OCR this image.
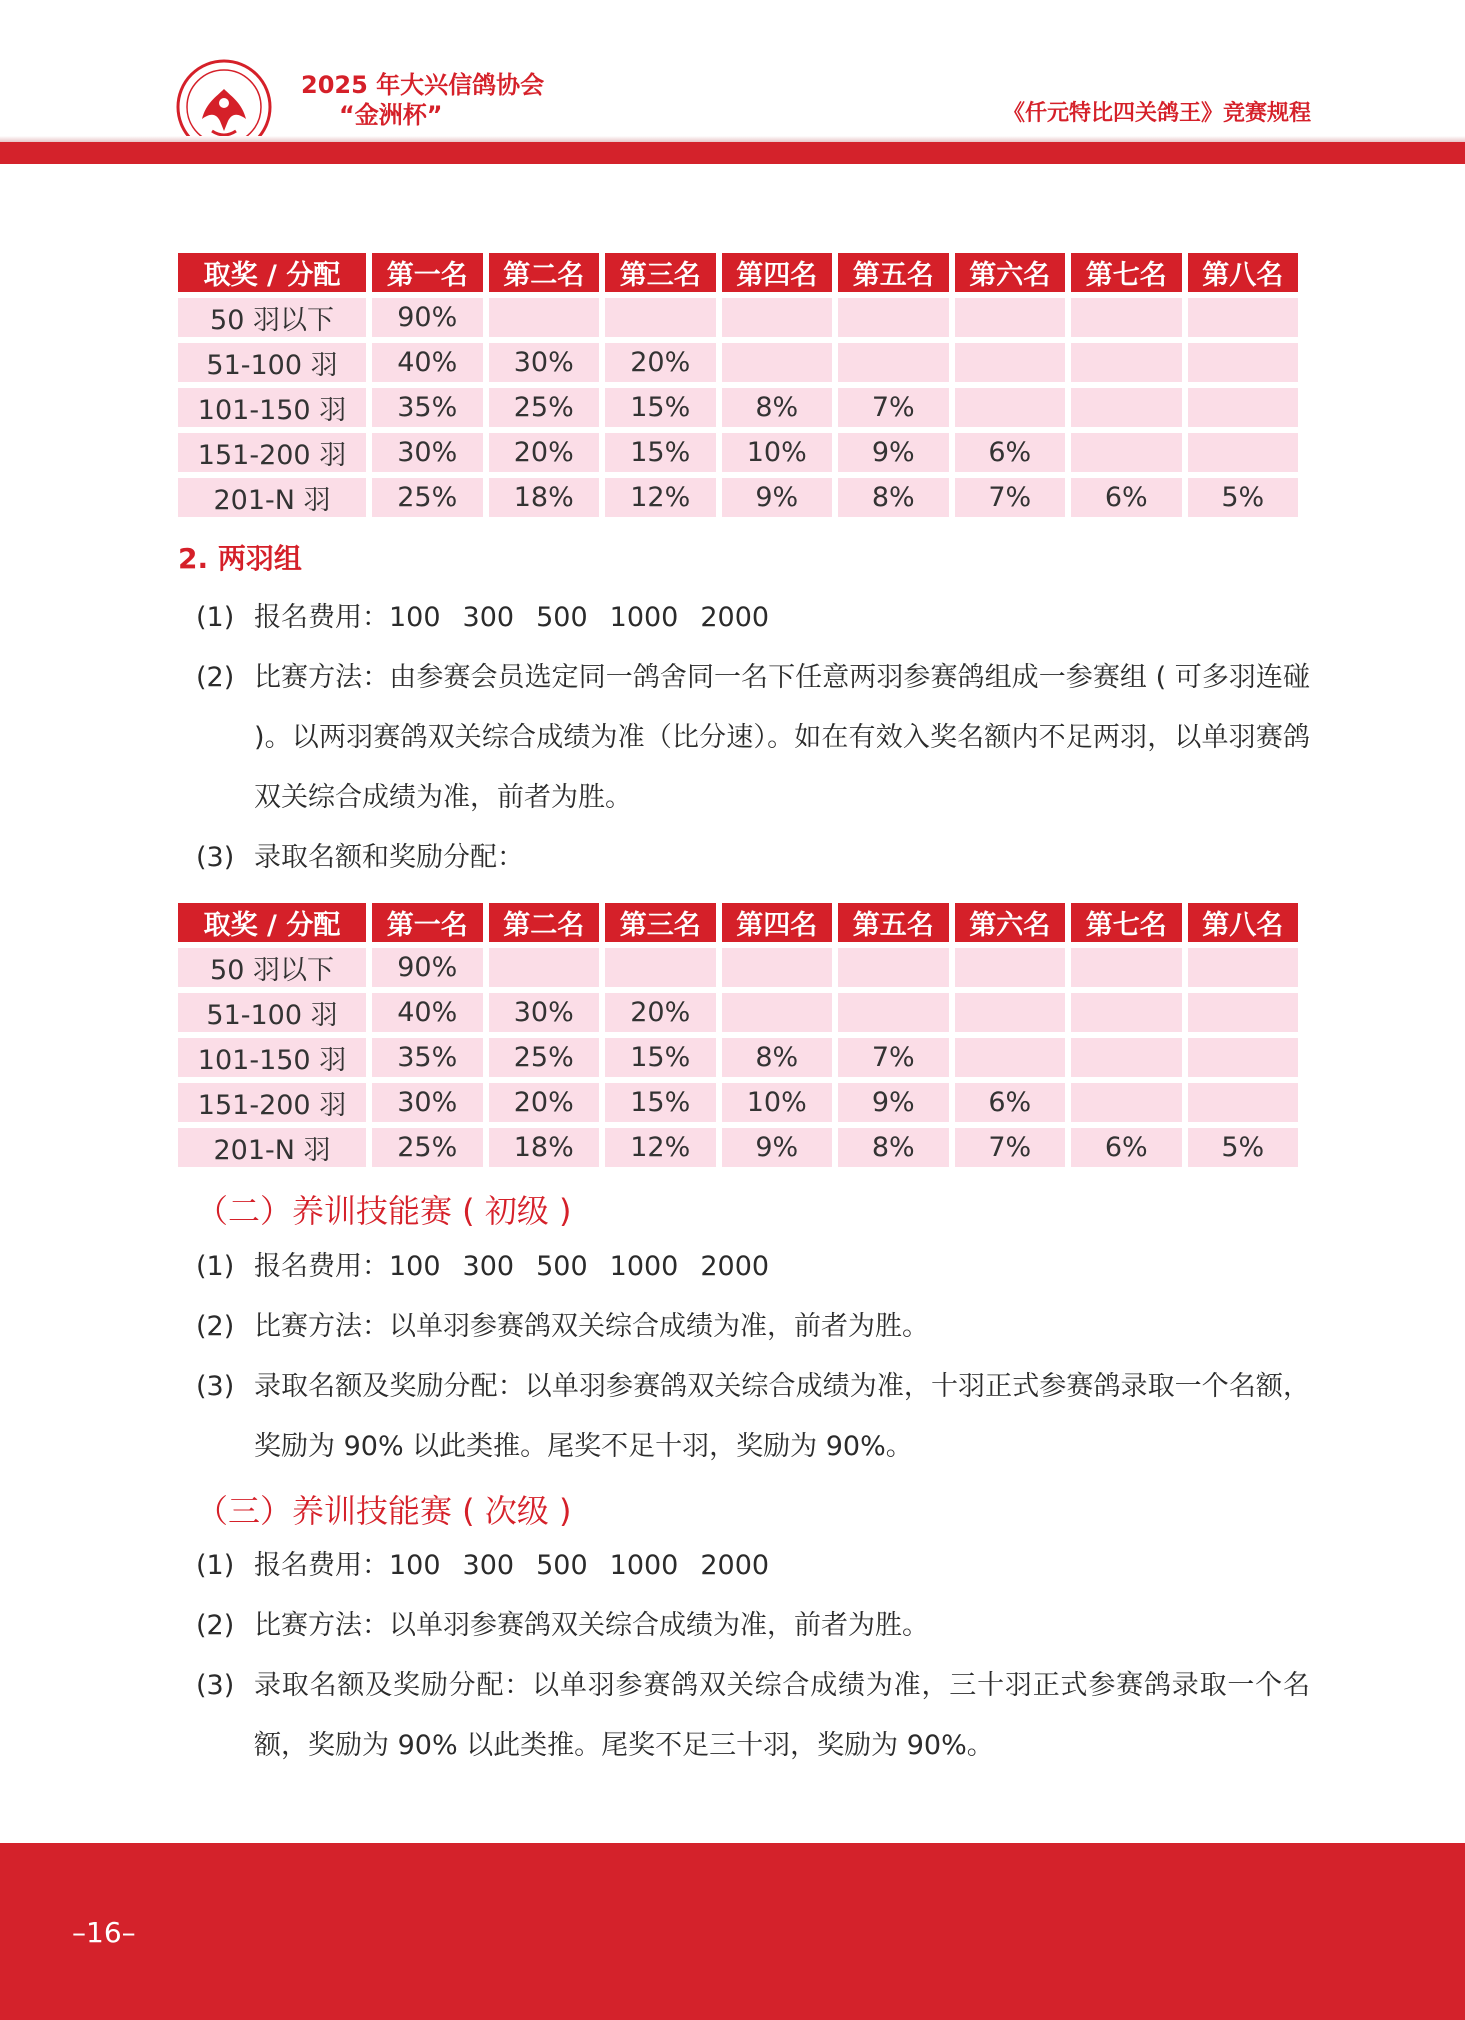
2025 年大兴信鸽协会
“金洲杯”	《仟元特比四关鸽王》竞赛规程
取奖 / 分配	第一名	第二名	第三名	第四名	第五名	第六名	第七名	第八名
50 羽以下	90%							
51-100 羽	40%	30%	20%					
101-150 羽	35%	25%	15%	8%	7%			
151-200 羽	30%	20%	15%	10%	9%	6%		
201-N 羽	25%	18%	12%	9%	8%	7%	6%	5%
2. 两羽组
(1) 报名费用：100 300 500 1000 2000
(2) 比赛方法：由参赛会员选定同一鸽舍同一名下任意两羽参赛鸽组成一参赛组 ( 可多羽连碰 )。以两羽赛鸽双关综合成绩为准（比分速）。如在有效入奖名额内不足两羽，以单羽赛鸽双关综合成绩为准，前者为胜。
(3) 录取名额和奖励分配：
取奖 / 分配	第一名	第二名	第三名	第四名	第五名	第六名	第七名	第八名
50 羽以下	90%							
51-100 羽	40%	30%	20%					
101-150 羽	35%	25%	15%	8%	7%			
151-200 羽	30%	20%	15%	10%	9%	6%		
201-N 羽	25%	18%	12%	9%	8%	7%	6%	5%
（二）养训技能赛 ( 初级 )
(1) 报名费用：100 300 500 1000 2000
(2) 比赛方法：以单羽参赛鸽双关综合成绩为准，前者为胜。
(3) 录取名额及奖励分配：以单羽参赛鸽双关综合成绩为准，十羽正式参赛鸽录取一个名额，奖励为 90% 以此类推。尾奖不足十羽，奖励为 90%。
（三）养训技能赛 ( 次级 )
(1) 报名费用：100 300 500 1000 2000
(2) 比赛方法：以单羽参赛鸽双关综合成绩为准，前者为胜。
(3) 录取名额及奖励分配：以单羽参赛鸽双关综合成绩为准，三十羽正式参赛鸽录取一个名额，奖励为 90% 以此类推。尾奖不足三十羽，奖励为 90%。
–16–
